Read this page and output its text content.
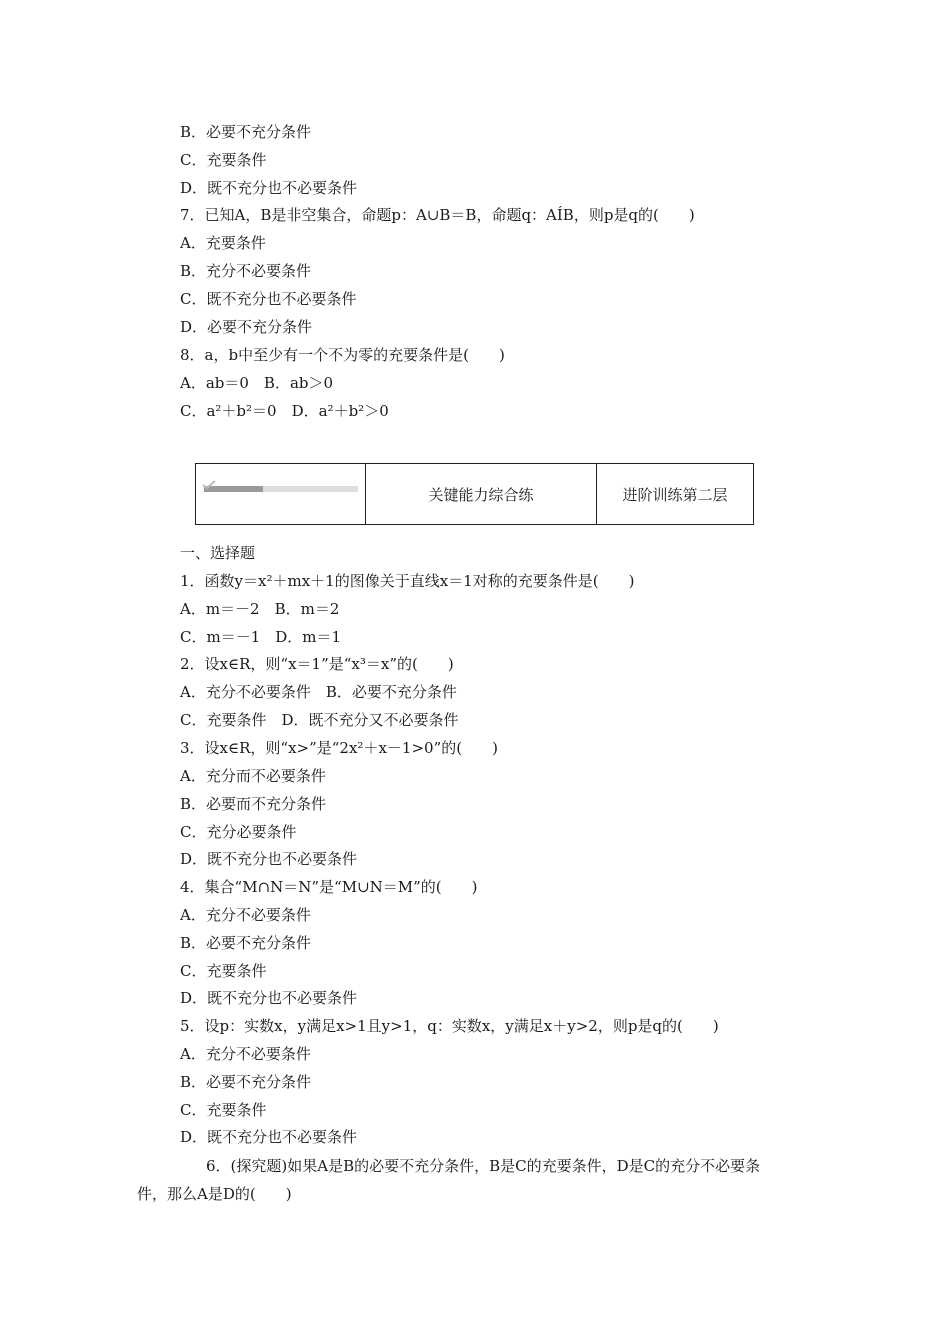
B．必要不充分条件
C．充要条件
D．既不充分也不必要条件
7．已知A，B是非空集合，命题p：A∪B＝B，命题q：AÍB，则p是q的(　　)
A．充要条件
B．充分不必要条件
C．既不充分也不必要条件
D．必要不充分条件
8．a，b中至少有一个不为零的充要条件是(　　)
A．ab＝0　B．ab＞0
C．a²＋b²＝0　D．a²＋b²＞0
关键能力综合练	进阶训练第二层
一、选择题
1．函数y＝x²＋mx＋1的图像关于直线x＝1对称的充要条件是(　　)
A．m＝－2　B．m＝2
C．m＝－1　D．m＝1
2．设x∈R，则“x＝1”是“x³＝x”的(　　)
A．充分不必要条件　B．必要不充分条件
C．充要条件　D．既不充分又不必要条件
3．设x∈R，则“x>”是“2x²＋x－1>0”的(　　)
A．充分而不必要条件
B．必要而不充分条件
C．充分必要条件
D．既不充分也不必要条件
4．集合“M∩N＝N”是“M∪N＝M”的(　　)
A．充分不必要条件
B．必要不充分条件
C．充要条件
D．既不充分也不必要条件
5．设p：实数x，y满足x>1且y>1，q：实数x，y满足x＋y>2，则p是q的(　　)
A．充分不必要条件
B．必要不充分条件
C．充要条件
D．既不充分也不必要条件
6．(探究题)如果A是B的必要不充分条件，B是C的充要条件，D是C的充分不必要条
件，那么A是D的(　　)
